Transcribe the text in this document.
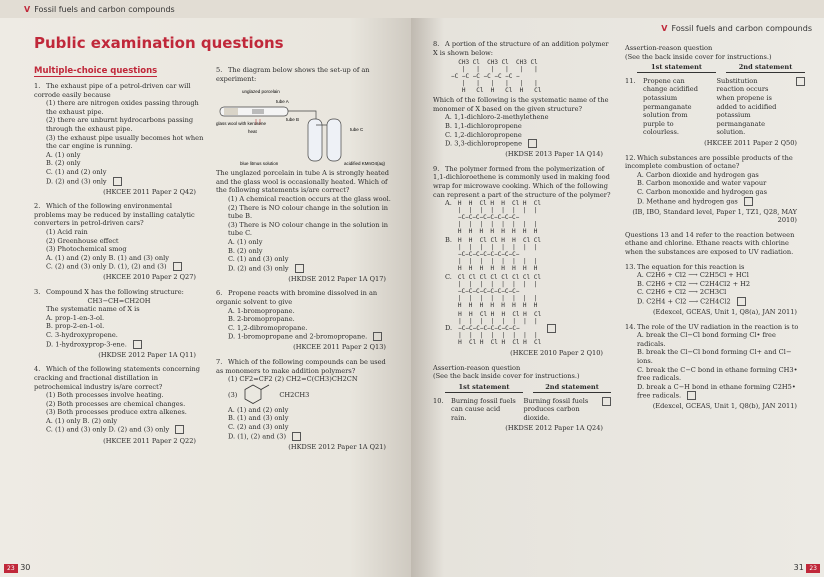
V Fossil fuels and carbon compounds
Public examination questions
Multiple-choice questions
1. The exhaust pipe of a petrol-driven car will corrode easily because
(1) there are nitrogen oxides passing through the exhaust pipe.
(2) there are unburnt hydrocarbons passing through the exhaust pipe.
(3) the exhaust pipe usually becomes hot when the car engine is running.
A. (1) only
B. (2) only
C. (1) and (2) only
D. (2) and (3) only
(HKCEE 2011 Paper 2 Q42)
2. Which of the following environmental problems may be reduced by installing catalytic converters in petrol-driven cars?
(1) Acid rain
(2) Greenhouse effect
(3) Photochemical smog
A. (1) and (2) only B. (1) and (3) only
C. (2) and (3) only D. (1), (2) and (3)
(HKCEE 2010 Paper 2 Q27)
3. Compound X has the following structure:
CH3−CH=CH2OH
The systematic name of X is
A. prop-1-en-3-ol.
B. prop-2-en-1-ol.
C. 3-hydroxypropene.
D. 1-hydroxyprop-3-ene.
(HKDSE 2012 Paper 1A Q11)
4. Which of the following statements concerning cracking and fractional distillation in petrochemical industry is/are correct?
(1) Both processes involve heating.
(2) Both processes are chemical changes.
(3) Both processes produce extra alkenes.
A. (1) only B. (2) only
C. (1) and (3) only D. (2) and (3) only
(HKCEE 2011 Paper 2 Q22)
5. The diagram below shows the set-up of an experiment:
unglazed porcelain
glass wool with kerosene
heat
tube A
tube B
tube C
blue litmus solution	acidified KMnO4(aq)
The unglazed porcelain in tube A is strongly heated and the glass wool is occasionally heated. Which of the following statements is/are correct?
(1) A chemical reaction occurs at the glass wool.
(2) There is NO colour change in the solution in tube B.
(3) There is NO colour change in the solution in tube C.
A. (1) only
B. (2) only
C. (1) and (3) only
D. (2) and (3) only
(HKDSE 2012 Paper 1A Q17)
6. Propene reacts with bromine dissolved in an organic solvent to give
A. 1-bromopropane.
B. 2-bromopropane.
C. 1,2-dibromopropane.
D. 1-bromopropane and 2-bromopropane.
(HKCEE 2011 Paper 2 Q13)
7. Which of the following compounds can be used as monomers to make addition polymers?
(1) CF2=CF2 (2) CH2=C(CH3)CH2CN
(3)	CH2CH3
A. (1) and (2) only
B. (1) and (3) only
C. (2) and (3) only
D. (1), (2) and (3)
(HKDSE 2012 Paper 1A Q21)
23 30
V Fossil fuels and carbon compounds
8. A portion of the structure of an addition polymer X is shown below:
CH3 Cl  CH3 Cl  CH3 Cl
|   |   |   |   |   |
−C −C −C −C −C −C −
|   |   |   |   |   |
H   Cl  H   Cl  H   Cl
Which of the following is the systematic name of the monomer of X based on the given structure?
A. 1,1-dichloro-2-methylethene
B. 1,1-dichloropropene
C. 1,2-dichloropropene
D. 3,3-dichloropropene
(HKDSE 2013 Paper 1A Q14)
9. The polymer formed from the polymerization of 1,1-dichloroethene is commonly used in making food wrap for microwave cooking. Which of the following can represent a part of the structure of the polymer?
A. H  H  Cl H  H  Cl H  Cl
|  |  |  |  |  |  |  |
−C−C−C−C−C−C−C−C−
|  |  |  |  |  |  |  |
H  H  H  H  H  H  H  H
B. H  H  Cl Cl H  H  Cl Cl
|  |  |  |  |  |  |  |
−C−C−C−C−C−C−C−C−
|  |  |  |  |  |  |  |
H  H  H  H  H  H  H  H
C. Cl Cl Cl Cl Cl Cl Cl Cl
|  |  |  |  |  |  |  |
−C−C−C−C−C−C−C−C−
|  |  |  |  |  |  |  |
H  H  H  H  H  H  H  H
D.
H  H  Cl H  H  Cl H  Cl
|  |  |  |  |  |  |  |
−C−C−C−C−C−C−C−C−
|  |  |  |  |  |  |  |
H  Cl H  Cl H  Cl H  Cl
(HKCEE 2010 Paper 2 Q10)
Assertion-reason question
(See the back inside cover for instructions.)
1st statement	2nd statement
10. Burning fossil fuels can cause acid rain.
Burning fossil fuels produces carbon dioxide.
(HKDSE 2012 Paper 1A Q24)
Assertion-reason question
(See the back inside cover for instructions.)
1st statement	2nd statement
11. Propene can change acidified potassium permanganate solution from purple to colourless.
Substitution reaction occurs when propene is added to acidified potassium permanganate solution.
(HKCEE 2011 Paper 2 Q50)
12. Which substances are possible products of the incomplete combustion of octane?
A. Carbon dioxide and hydrogen gas
B. Carbon monoxide and water vapour
C. Carbon monoxide and hydrogen gas
D. Methane and hydrogen gas
(IB, IBO, Standard level, Paper 1, TZ1, Q28, MAY 2010)
Questions 13 and 14 refer to the reaction between ethane and chlorine. Ethane reacts with chlorine when the substances are exposed to UV radiation.
13. The equation for this reaction is
A. C2H6 + Cl2 ⟶ C2H5Cl + HCl
B. C2H6 + Cl2 ⟶ C2H4Cl2 + H2
C. C2H6 + Cl2 ⟶ 2CH3Cl
D. C2H4 + Cl2 ⟶ C2H4Cl2
(Edexcel, GCEAS, Unit 1, Q8(a), JAN 2011)
14. The role of the UV radiation in the reaction is to
A. break the Cl−Cl bond forming Cl• free radicals.
B. break the Cl−Cl bond forming Cl+ and Cl− ions.
C. break the C−C bond in ethane forming CH3• free radicals.
D. break a C−H bond in ethane forming C2H5• free radicals.
(Edexcel, GCEAS, Unit 1, Q8(b), JAN 2011)
31 23
